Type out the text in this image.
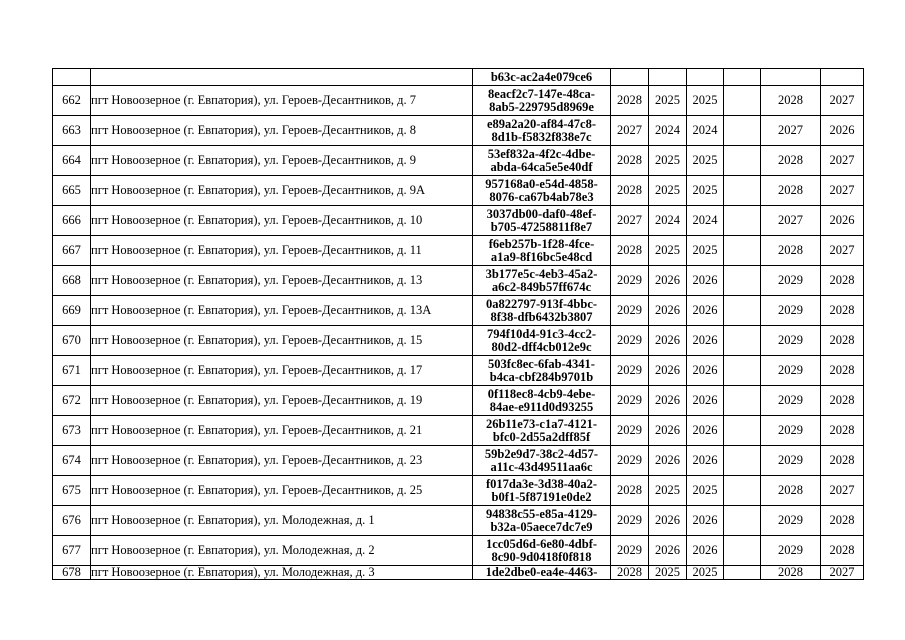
		b63c-ac2a4e079ce6						

662	пгт Новоозерное (г. Евпатория), ул. Героев-Десантников, д. 7	8eacf2c7-147e-48ca-
8ab5-229795d8969e	2028	2025	2025		2028	2027
663	пгт Новоозерное (г. Евпатория), ул. Героев-Десантников, д. 8	e89a2a20-af84-47c8-
8d1b-f5832f838e7c	2027	2024	2024		2027	2026
664	пгт Новоозерное (г. Евпатория), ул. Героев-Десантников, д. 9	53ef832a-4f2c-4dbe-
abda-64ca5e5e40df	2028	2025	2025		2028	2027
665	пгт Новоозерное (г. Евпатория), ул. Героев-Десантников, д. 9А	957168a0-e54d-4858-
8076-ca67b4ab78e3	2028	2025	2025		2028	2027
666	пгт Новоозерное (г. Евпатория), ул. Героев-Десантников, д. 10	3037db00-daf0-48ef-
b705-47258811f8e7	2027	2024	2024		2027	2026
667	пгт Новоозерное (г. Евпатория), ул. Героев-Десантников, д. 11	f6eb257b-1f28-4fce-
a1a9-8f16bc5e48cd	2028	2025	2025		2028	2027
668	пгт Новоозерное (г. Евпатория), ул. Героев-Десантников, д. 13	3b177e5c-4eb3-45a2-
a6c2-849b57ff674c	2029	2026	2026		2029	2028
669	пгт Новоозерное (г. Евпатория), ул. Героев-Десантников, д. 13А	0a822797-913f-4bbc-
8f38-dfb6432b3807	2029	2026	2026		2029	2028
670	пгт Новоозерное (г. Евпатория), ул. Героев-Десантников, д. 15	794f10d4-91c3-4cc2-
80d2-dff4cb012e9c	2029	2026	2026		2029	2028
671	пгт Новоозерное (г. Евпатория), ул. Героев-Десантников, д. 17	503fc8ec-6fab-4341-
b4ca-cbf284b9701b	2029	2026	2026		2029	2028
672	пгт Новоозерное (г. Евпатория), ул. Героев-Десантников, д. 19	0f118ec8-4cb9-4ebe-
84ae-e911d0d93255	2029	2026	2026		2029	2028
673	пгт Новоозерное (г. Евпатория), ул. Героев-Десантников, д. 21	26b11e73-c1a7-4121-
bfc0-2d55a2dff85f	2029	2026	2026		2029	2028
674	пгт Новоозерное (г. Евпатория), ул. Героев-Десантников, д. 23	59b2e9d7-38c2-4d57-
a11c-43d49511aa6c	2029	2026	2026		2029	2028
675	пгт Новоозерное (г. Евпатория), ул. Героев-Десантников, д. 25	f017da3e-3d38-40a2-
b0f1-5f87191e0de2	2028	2025	2025		2028	2027
676	пгт Новоозерное (г. Евпатория), ул. Молодежная, д. 1	94838c55-e85a-4129-
b32a-05aece7dc7e9	2029	2026	2026		2029	2028
677	пгт Новоозерное (г. Евпатория), ул. Молодежная, д. 2	1cc05d6d-6e80-4dbf-
8c90-9d0418f0f818	2029	2026	2026		2029	2028
678	пгт Новоозерное (г. Евпатория), ул. Молодежная, д. 3	1de2dbe0-ea4e-4463-	2028	2025	2025		2028	2027
